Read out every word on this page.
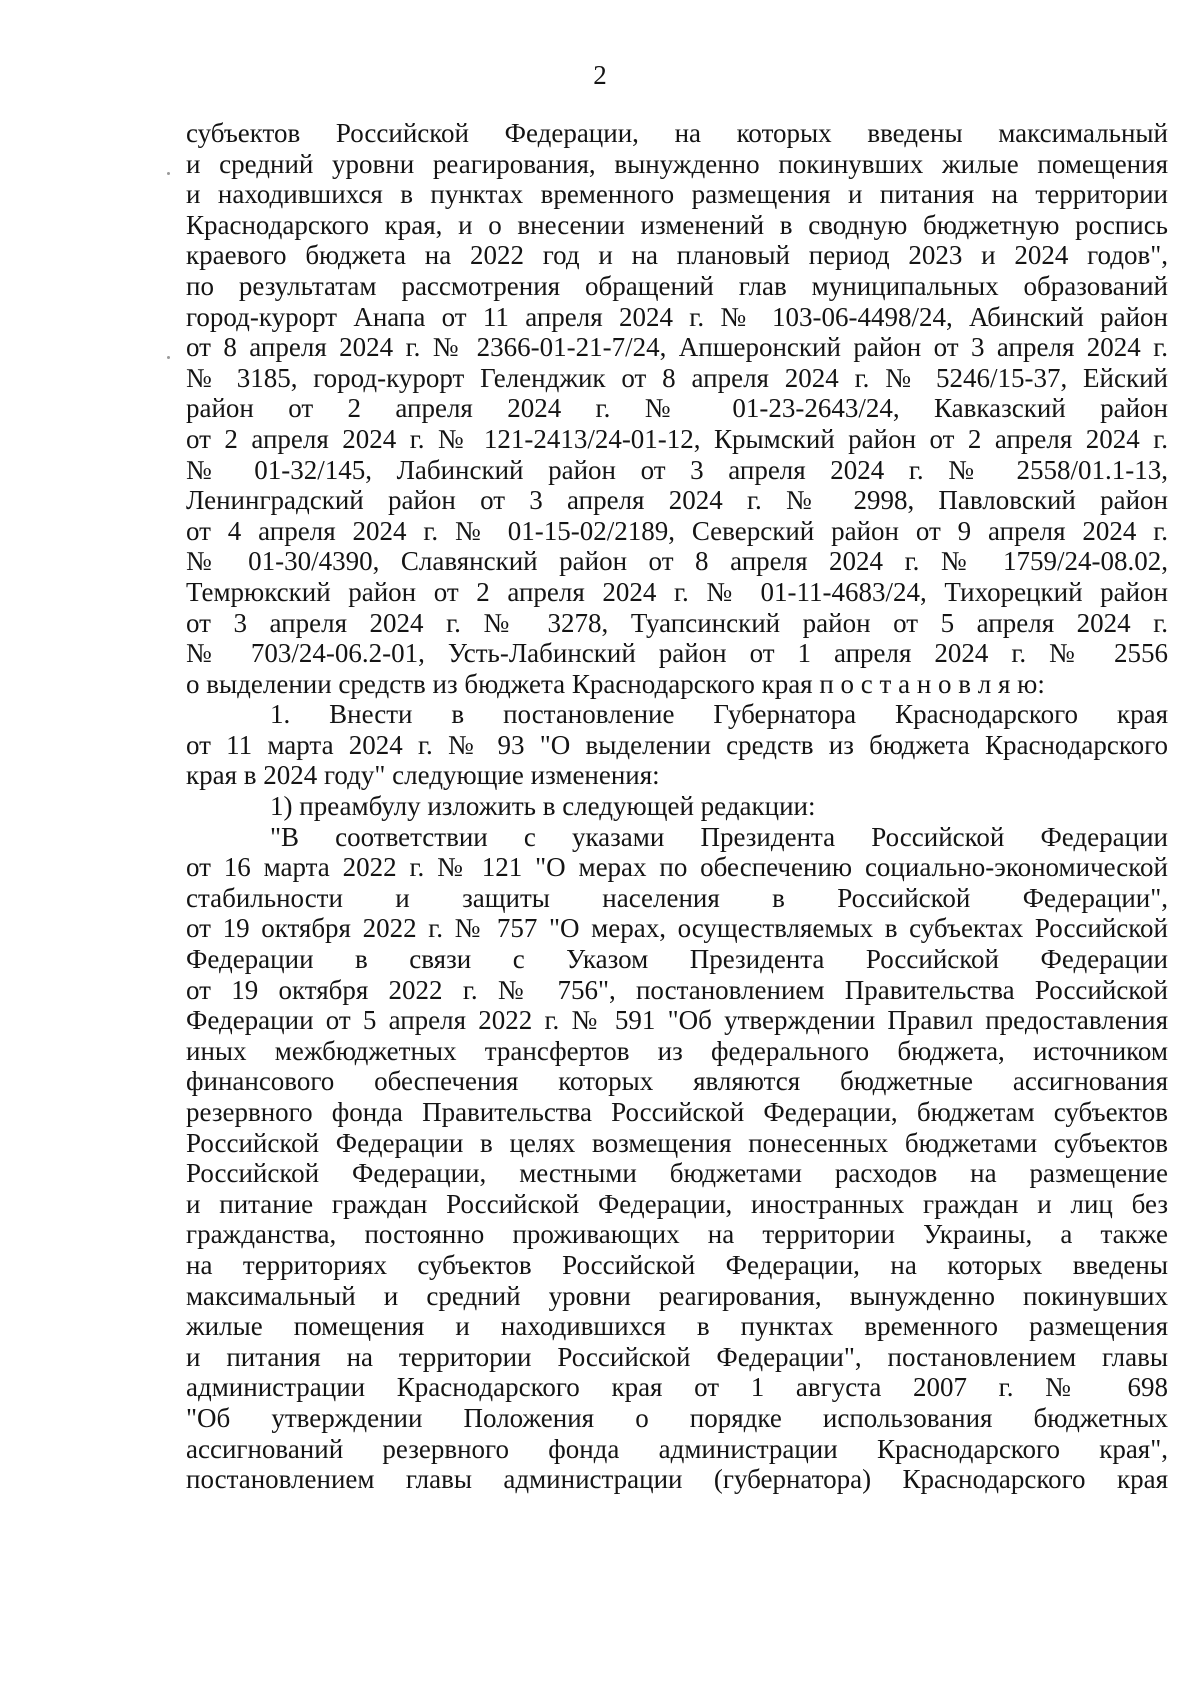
2
субъектов Российской Федерации, на которых введены максимальный
и средний уровни реагирования, вынужденно покинувших жилые помещения
и находившихся в пунктах временного размещения и питания на территории
Краснодарского края, и о внесении изменений в сводную бюджетную роспись
краевого бюджета на 2022 год и на плановый период 2023 и 2024 годов",
по результатам рассмотрения обращений глав муниципальных образований
город-курорт Анапа от 11 апреля 2024 г. № 103-06-4498/24, Абинский район
от 8 апреля 2024 г. № 2366-01-21-7/24, Апшеронский район от 3 апреля 2024 г.
№ 3185, город-курорт Геленджик от 8 апреля 2024 г. № 5246/15-37, Ейский
район от 2 апреля 2024 г. № 01-23-2643/24, Кавказский район
от 2 апреля 2024 г. № 121-2413/24-01-12, Крымский район от 2 апреля 2024 г.
№ 01-32/145, Лабинский район от 3 апреля 2024 г. № 2558/01.1-13,
Ленинградский район от 3 апреля 2024 г. № 2998, Павловский район
от 4 апреля 2024 г. № 01-15-02/2189, Северский район от 9 апреля 2024 г.
№ 01-30/4390, Славянский район от 8 апреля 2024 г. № 1759/24-08.02,
Темрюкский район от 2 апреля 2024 г. № 01-11-4683/24, Тихорецкий район
от 3 апреля 2024 г. № 3278, Туапсинский район от 5 апреля 2024 г.
№ 703/24-06.2-01, Усть-Лабинский район от 1 апреля 2024 г. № 2556
о выделении средств из бюджета Краснодарского края п о с т а н о в л я ю:
1. Внести в постановление Губернатора Краснодарского края
от 11 марта 2024 г. № 93 "О выделении средств из бюджета Краснодарского
края в 2024 году" следующие изменения:
1) преамбулу изложить в следующей редакции:
"В соответствии с указами Президента Российской Федерации
от 16 марта 2022 г. № 121 "О мерах по обеспечению социально-экономической
стабильности и защиты населения в Российской Федерации",
от 19 октября 2022 г. № 757 "О мерах, осуществляемых в субъектах Российской
Федерации в связи с Указом Президента Российской Федерации
от 19 октября 2022 г. № 756", постановлением Правительства Российской
Федерации от 5 апреля 2022 г. № 591 "Об утверждении Правил предоставления
иных межбюджетных трансфертов из федерального бюджета, источником
финансового обеспечения которых являются бюджетные ассигнования
резервного фонда Правительства Российской Федерации, бюджетам субъектов
Российской Федерации в целях возмещения понесенных бюджетами субъектов
Российской Федерации, местными бюджетами расходов на размещение
и питание граждан Российской Федерации, иностранных граждан и лиц без
гражданства, постоянно проживающих на территории Украины, а также
на территориях субъектов Российской Федерации, на которых введены
максимальный и средний уровни реагирования, вынужденно покинувших
жилые помещения и находившихся в пунктах временного размещения
и питания на территории Российской Федерации", постановлением главы
администрации Краснодарского края от 1 августа 2007 г. № 698
"Об утверждении Положения о порядке использования бюджетных
ассигнований резервного фонда администрации Краснодарского края",
постановлением главы администрации (губернатора) Краснодарского края
